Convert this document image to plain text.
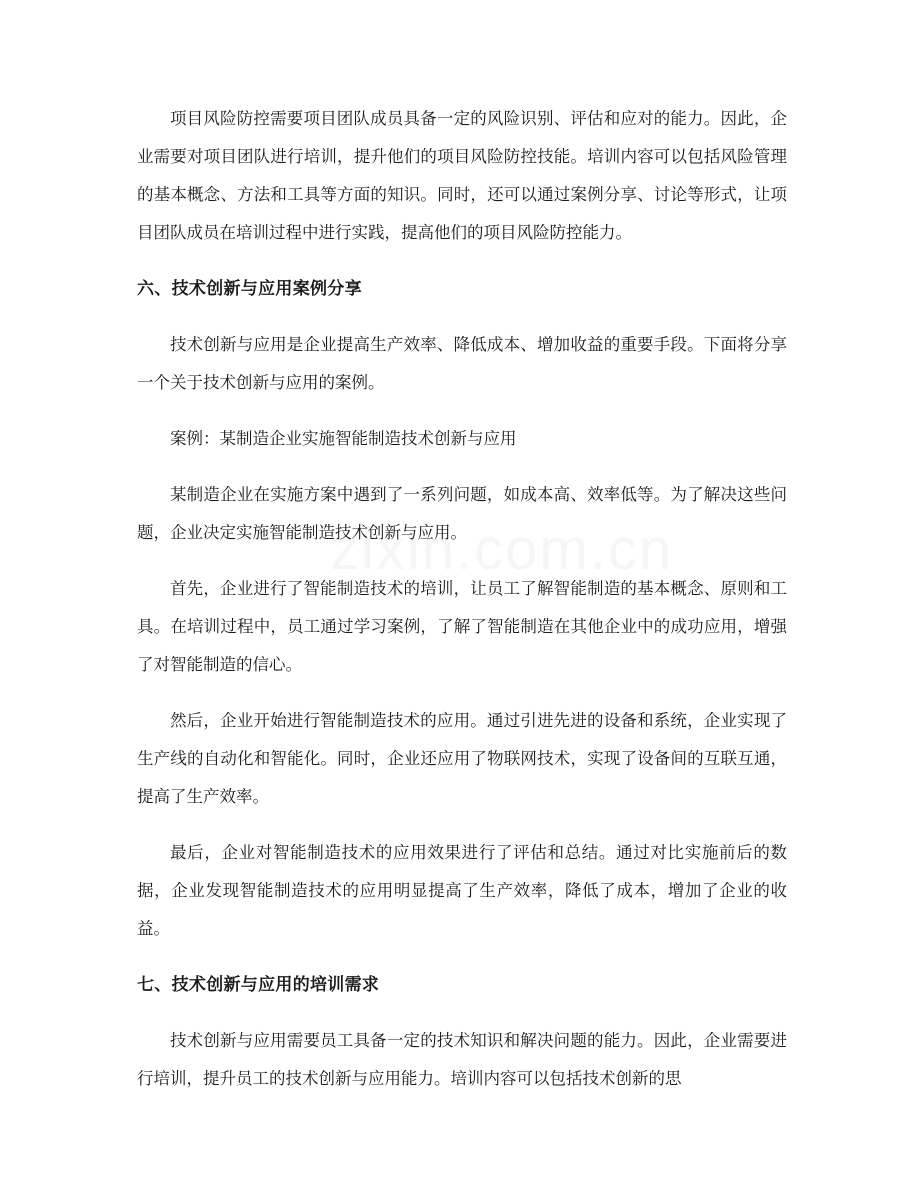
项目风险防控需要项目团队成员具备一定的风险识别、评估和应对的能力。因此，企业需要对项目团队进行培训，提升他们的项目风险防控技能。培训内容可以包括风险管理的基本概念、方法和工具等方面的知识。同时，还可以通过案例分享、讨论等形式，让项目团队成员在培训过程中进行实践，提高他们的项目风险防控能力。

六、技术创新与应用案例分享

技术创新与应用是企业提高生产效率、降低成本、增加收益的重要手段。下面将分享一个关于技术创新与应用的案例。

案例：某制造企业实施智能制造技术创新与应用

某制造企业在实施方案中遇到了一系列问题，如成本高、效率低等。为了解决这些问题，企业决定实施智能制造技术创新与应用。

首先，企业进行了智能制造技术的培训，让员工了解智能制造的基本概念、原则和工具。在培训过程中，员工通过学习案例，了解了智能制造在其他企业中的成功应用，增强了对智能制造的信心。

然后，企业开始进行智能制造技术的应用。通过引进先进的设备和系统，企业实现了生产线的自动化和智能化。同时，企业还应用了物联网技术，实现了设备间的互联互通，提高了生产效率。

最后，企业对智能制造技术的应用效果进行了评估和总结。通过对比实施前后的数据，企业发现智能制造技术的应用明显提高了生产效率，降低了成本，增加了企业的收益。

七、技术创新与应用的培训需求

技术创新与应用需要员工具备一定的技术知识和解决问题的能力。因此，企业需要进行培训，提升员工的技术创新与应用能力。培训内容可以包括技术创新的思
